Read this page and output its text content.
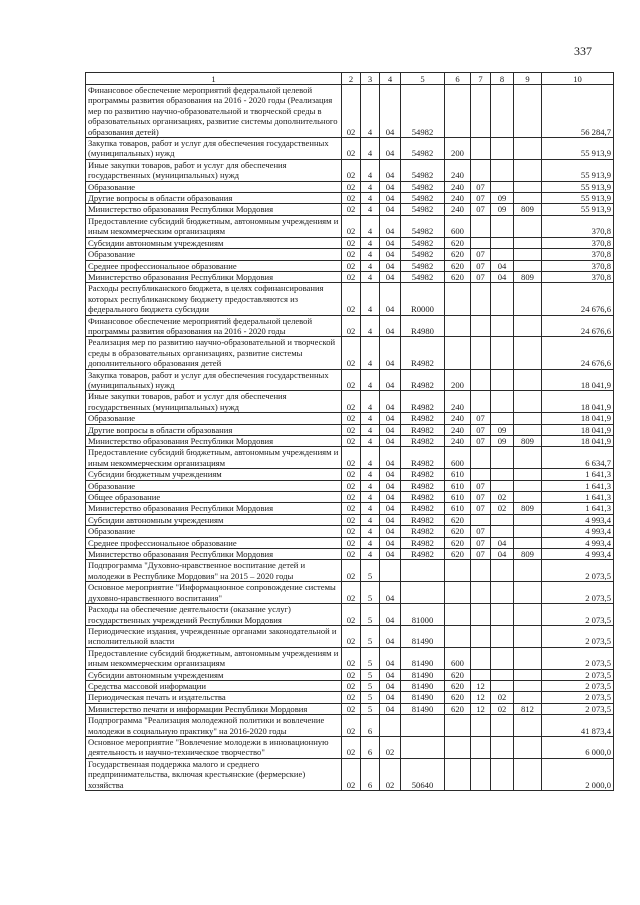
337
1	2	3	4	5	6	7	8	9	10
Финансовое обеспечение мероприятий федеральной целевой программы развития образования на 2016 - 2020 годы (Реализация мер по развитию научно-образовательной и творческой среды в образовательных организациях, развитие системы дополнительного образования детей)	02	4	04	54982					56 284,7
Закупка товаров, работ и услуг для обеспечения государственных (муниципальных) нужд	02	4	04	54982	200				55 913,9
Иные закупки товаров, работ и услуг для обеспечения государственных (муниципальных) нужд	02	4	04	54982	240				55 913,9
Образование	02	4	04	54982	240	07			55 913,9
Другие вопросы в области образования	02	4	04	54982	240	07	09		55 913,9
Министерство образования Республики Мордовия	02	4	04	54982	240	07	09	809	55 913,9
Предоставление субсидий бюджетным, автономным учреждениям и иным некоммерческим организациям	02	4	04	54982	600				370,8
Субсидии автономным учреждениям	02	4	04	54982	620				370,8
Образование	02	4	04	54982	620	07			370,8
Среднее профессиональное образование	02	4	04	54982	620	07	04		370,8
Министерство образования Республики Мордовия	02	4	04	54982	620	07	04	809	370,8
Расходы республиканского бюджета, в целях софинансирования которых республиканскому бюджету предоставляются из федерального бюджета субсидии	02	4	04	R0000					24 676,6
Финансовое обеспечение мероприятий федеральной целевой программы развития образования на 2016 - 2020 годы	02	4	04	R4980					24 676,6
Реализация мер по развитию научно-образовательной и творческой среды в образовательных организациях, развитие системы дополнительного образования детей	02	4	04	R4982					24 676,6
Закупка товаров, работ и услуг для обеспечения государственных (муниципальных) нужд	02	4	04	R4982	200				18 041,9
Иные закупки товаров, работ и услуг для обеспечения государственных (муниципальных) нужд	02	4	04	R4982	240				18 041,9
Образование	02	4	04	R4982	240	07			18 041,9
Другие вопросы в области образования	02	4	04	R4982	240	07	09		18 041,9
Министерство образования Республики Мордовия	02	4	04	R4982	240	07	09	809	18 041,9
Предоставление субсидий бюджетным, автономным учреждениям и иным некоммерческим организациям	02	4	04	R4982	600				6 634,7
Субсидии бюджетным учреждениям	02	4	04	R4982	610				1 641,3
Образование	02	4	04	R4982	610	07			1 641,3
Общее образование	02	4	04	R4982	610	07	02		1 641,3
Министерство образования Республики Мордовия	02	4	04	R4982	610	07	02	809	1 641,3
Субсидии автономным учреждениям	02	4	04	R4982	620				4 993,4
Образование	02	4	04	R4982	620	07			4 993,4
Среднее профессиональное образование	02	4	04	R4982	620	07	04		4 993,4
Министерство образования Республики Мордовия	02	4	04	R4982	620	07	04	809	4 993,4
Подпрограмма "Духовно-нравственное воспитание детей и молодежи в Республике Мордовия" на 2015 – 2020 годы	02	5							2 073,5
Основное мероприятие "Информационное сопровождение системы духовно-нравственного воспитания"	02	5	04						2 073,5
Расходы на обеспечение деятельности (оказание услуг) государственных учреждений Республики Мордовия	02	5	04	81000					2 073,5
Периодические издания, учрежденные органами законодательной и исполнительной власти	02	5	04	81490					2 073,5
Предоставление субсидий бюджетным, автономным учреждениям и иным некоммерческим организациям	02	5	04	81490	600				2 073,5
Субсидии автономным учреждениям	02	5	04	81490	620				2 073,5
Средства массовой информации	02	5	04	81490	620	12			2 073,5
Периодическая печать и издательства	02	5	04	81490	620	12	02		2 073,5
Министерство печати и информации Республики Мордовия	02	5	04	81490	620	12	02	812	2 073,5
Подпрограмма "Реализация молодежной политики и вовлечение молодежи в социальную практику" на 2016-2020 годы	02	6							41 873,4
Основное мероприятие "Вовлечение молодежи в инновационную деятельность и научно-техническое творчество"	02	6	02						6 000,0
Государственная поддержка малого и среднего предпринимательства, включая крестьянские (фермерские) хозяйства	02	6	02	50640					2 000,0
